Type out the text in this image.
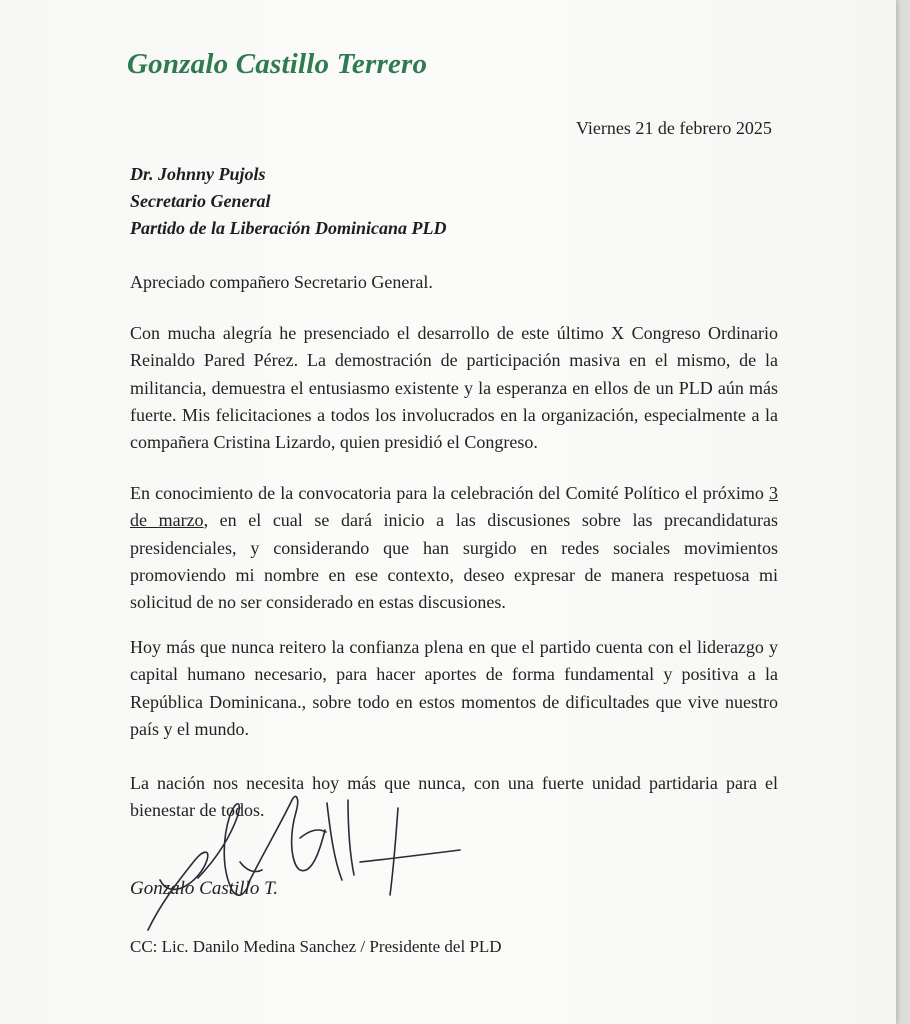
Gonzalo Castillo Terrero
Viernes 21 de febrero 2025
Dr. Johnny Pujols
Secretario General
Partido de la Liberación Dominicana PLD
Apreciado compañero Secretario General.
Con mucha alegría he presenciado el desarrollo de este último X Congreso Ordinario Reinaldo Pared Pérez. La demostración de participación masiva en el mismo, de la militancia, demuestra el entusiasmo existente y la esperanza en ellos de un PLD aún más fuerte. Mis felicitaciones a todos los involucrados en la organización, especialmente a la compañera Cristina Lizardo, quien presidió el Congreso.
En conocimiento de la convocatoria para la celebración del Comité Político el próximo 3 de marzo, en el cual se dará inicio a las discusiones sobre las precandidaturas presidenciales, y considerando que han surgido en redes sociales movimientos promoviendo mi nombre en ese contexto, deseo expresar de manera respetuosa mi solicitud de no ser considerado en estas discusiones.
Hoy más que nunca reitero la confianza plena en que el partido cuenta con el liderazgo y capital humano necesario, para hacer aportes de forma fundamental y positiva a la República Dominicana., sobre todo en estos momentos de dificultades que vive nuestro país y el mundo.
La nación nos necesita hoy más que nunca, con una fuerte unidad partidaria para el bienestar de todos.
Gonzalo Castillo T.
CC: Lic. Danilo Medina Sanchez / Presidente del PLD
